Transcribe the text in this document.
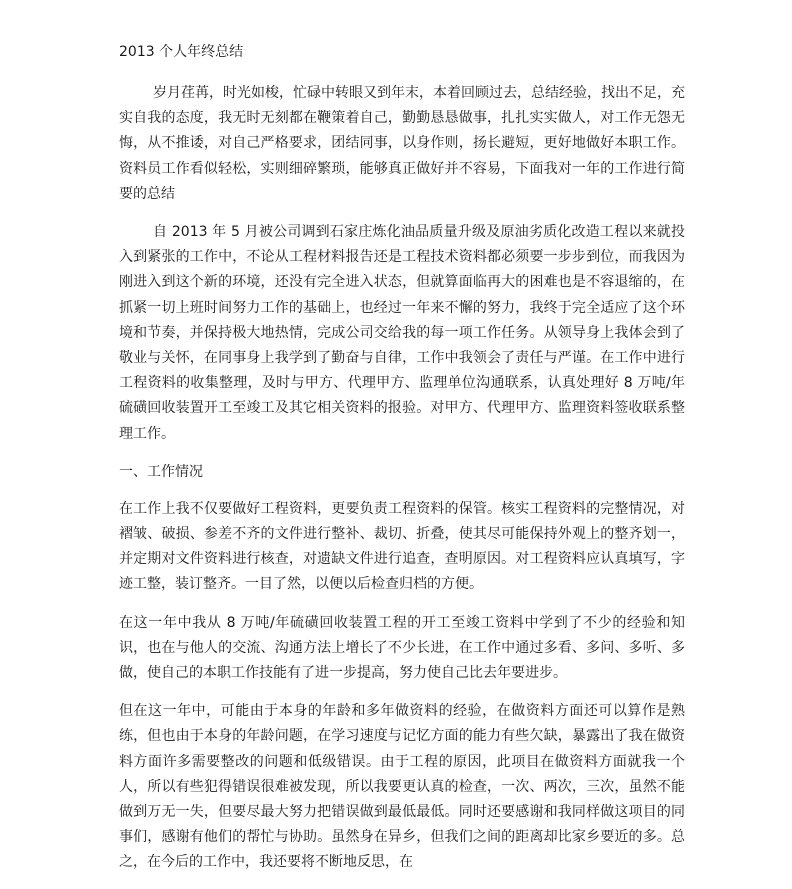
2013 个人年终总结

岁月荏苒，时光如梭，忙碌中转眼又到年末，本着回顾过去，总结经验，找出不足，充实自我的态度，我无时无刻都在鞭策着自己，勤勤恳恳做事，扎扎实实做人，对工作无怨无悔，从不推诿，对自己严格要求，团结同事，以身作则，扬长避短，更好地做好本职工作。资料员工作看似轻松，实则细碎繁琐，能够真正做好并不容易，下面我对一年的工作进行简要的总结

自 2013 年 5 月被公司调到石家庄炼化油品质量升级及原油劣质化改造工程以来就投入到紧张的工作中，不论从工程材料报告还是工程技术资料都必须要一步步到位，而我因为刚进入到这个新的环境，还没有完全进入状态，但就算面临再大的困难也是不容退缩的，在抓紧一切上班时间努力工作的基础上，也经过一年来不懈的努力，我终于完全适应了这个环境和节奏，并保持极大地热情，完成公司交给我的每一项工作任务。从领导身上我体会到了敬业与关怀，在同事身上我学到了勤奋与自律，工作中我领会了责任与严谨。在工作中进行工程资料的收集整理，及时与甲方、代理甲方、监理单位沟通联系，认真处理好 8 万吨/年硫磺回收装置开工至竣工及其它相关资料的报验。对甲方、代理甲方、监理资料签收联系整理工作。

一、工作情况

在工作上我不仅要做好工程资料，更要负责工程资料的保管。核实工程资料的完整情况，对褶皱、破损、参差不齐的文件进行整补、裁切、折叠，使其尽可能保持外观上的整齐划一，并定期对文件资料进行核查，对遗缺文件进行追查，查明原因。对工程资料应认真填写，字迹工整，装订整齐。一目了然，以便以后检查归档的方便。

在这一年中我从 8 万吨/年硫磺回收装置工程的开工至竣工资料中学到了不少的经验和知识，也在与他人的交流、沟通方法上增长了不少长进，在工作中通过多看、多问、多听、多做，使自己的本职工作技能有了进一步提高，努力使自己比去年要进步。

但在这一年中，可能由于本身的年龄和多年做资料的经验，在做资料方面还可以算作是熟练，但也由于本身的年龄问题，在学习速度与记忆方面的能力有些欠缺，暴露出了我在做资料方面许多需要整改的问题和低级错误。由于工程的原因，此项目在做资料方面就我一个人，所以有些犯得错误很难被发现，所以我要更认真的检查，一次、两次，三次，虽然不能做到万无一失，但要尽最大努力把错误做到最低最低。同时还要感谢和我同样做这项目的同事们，感谢有他们的帮忙与协助。虽然身在异乡，但我们之间的距离却比家乡要近的多。总之，在今后的工作中，我还要将不断地反思，在
